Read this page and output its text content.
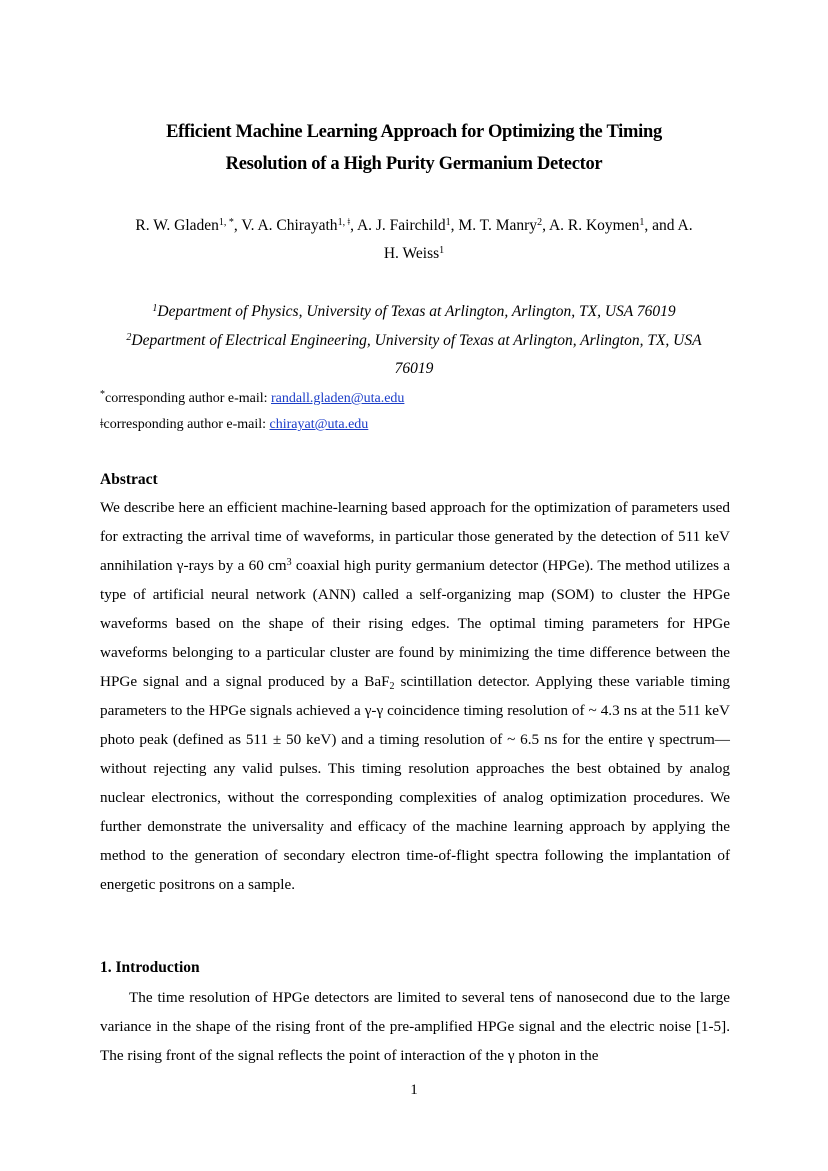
Efficient Machine Learning Approach for Optimizing the Timing
Resolution of a High Purity Germanium Detector
R. W. Gladen$^{1, *}$, V. A. Chirayath$^{1, ǂ}$, A. J. Fairchild$^1$, M. T. Manry$^2$, A. R. Koymen$^1$, and A.
H. Weiss$^1$
$^1$Department of Physics, University of Texas at Arlington, Arlington, TX, USA 76019
$^2$Department of Electrical Engineering, University of Texas at Arlington, Arlington, TX, USA
76019
*corresponding author e-mail: randall.gladen@uta.edu
ǂcorresponding author e-mail: chirayat@uta.edu
Abstract
We describe here an efficient machine-learning based approach for the optimization of parameters used for extracting the arrival time of waveforms, in particular those generated by the detection of 511 keV annihilation γ-rays by a 60 $cm^3$ coaxial high purity germanium detector (HPGe). The method utilizes a type of artificial neural network (ANN) called a self-organizing map (SOM) to cluster the HPGe waveforms based on the shape of their rising edges. The optimal timing parameters for HPGe waveforms belonging to a particular cluster are found by minimizing the time difference between the HPGe signal and a signal produced by a BaF$_2$ scintillation detector. Applying these variable timing parameters to the HPGe signals achieved a γ-γ coincidence timing resolution of ~ 4.3 ns at the 511 keV photo peak (defined as 511 ± 50 keV) and a timing resolution of ~ 6.5 ns for the entire γ spectrum—without rejecting any valid pulses. This timing resolution approaches the best obtained by analog nuclear electronics, without the corresponding complexities of analog optimization procedures. We further demonstrate the universality and efficacy of the machine learning approach by applying the method to the generation of secondary electron time-of-flight spectra following the implantation of energetic positrons on a sample.
1. Introduction
The time resolution of HPGe detectors are limited to several tens of nanosecond due to the large variance in the shape of the rising front of the pre-amplified HPGe signal and the electric noise [1-5]. The rising front of the signal reflects the point of interaction of the γ photon in the
1
